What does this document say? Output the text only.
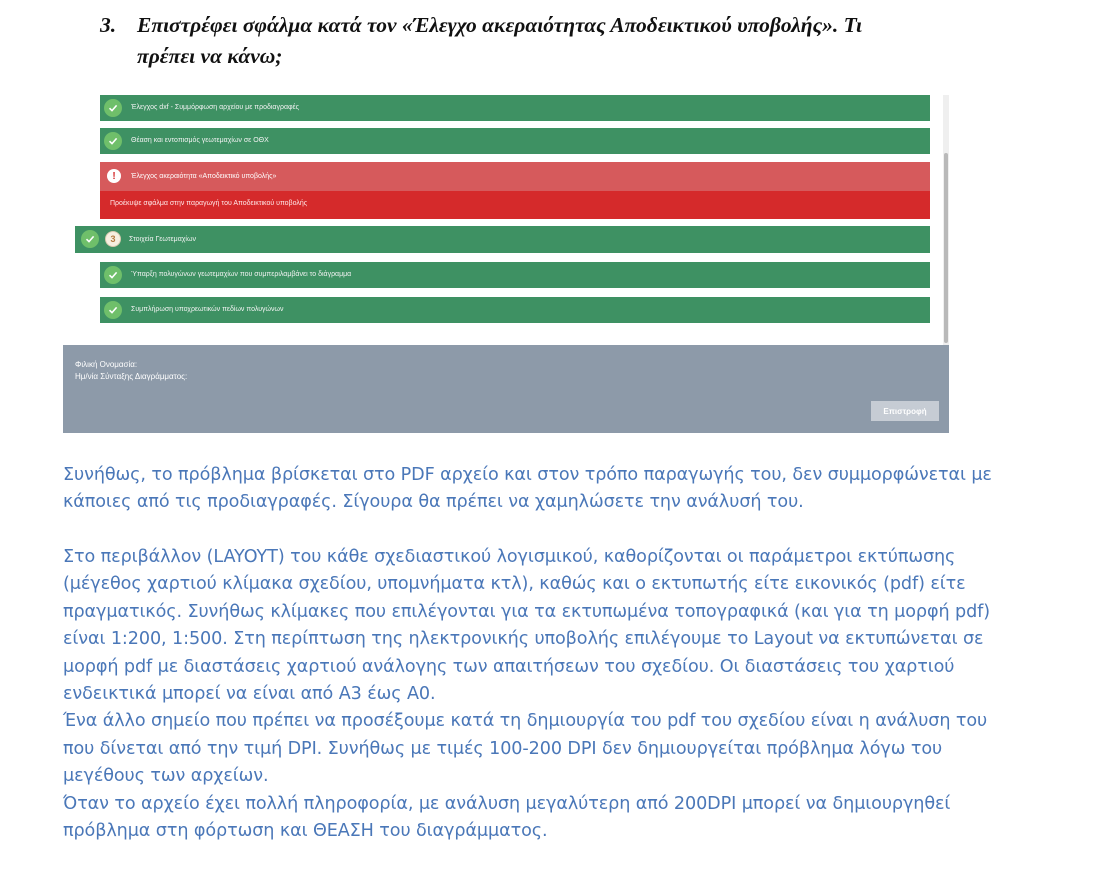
3. Επιστρέφει σφάλμα κατά τον «Έλεγχο ακεραιότητας Αποδεικτικού υποβολής». Τι
πρέπει να κάνω;
Έλεγχος dxf - Συμμόρφωση αρχείου με προδιαγραφές
Θέαση και εντοπισμός γεωτεμαχίων σε ΟΘΧ
!	Έλεγχος ακεραιότητα «Αποδεικτικό υποβολής»
Προέκυψε σφάλμα στην παραγωγή του Αποδεικτικού υποβολής
3	Στοιχεία Γεωτεμαχίων
Ύπαρξη πολυγώνων γεωτεμαχίων που συμπεριλαμβάνει το διάγραμμα
Συμπλήρωση υποχρεωτικών πεδίων πολυγώνων
Φιλική Ονομασία:
Ημ/νία Σύνταξης Διαγράμματος:
Επιστροφή
Συνήθως, το πρόβλημα βρίσκεται στο PDF αρχείο και στον τρόπο παραγωγής του, δεν συμμορφώνεται με
κάποιες από τις προδιαγραφές. Σίγουρα θα πρέπει να χαμηλώσετε την ανάλυσή του.
Στο περιβάλλον (LAYOYT) του κάθε σχεδιαστικού λογισμικού, καθορίζονται οι παράμετροι εκτύπωσης
(μέγεθος χαρτιού κλίμακα σχεδίου, υπομνήματα κτλ), καθώς και ο εκτυπωτής είτε εικονικός (pdf) είτε
πραγματικός. Συνήθως κλίμακες που επιλέγονται για τα εκτυπωμένα τοπογραφικά (και για τη μορφή pdf)
είναι 1:200, 1:500. Στη περίπτωση της ηλεκτρονικής υποβολής επιλέγουμε το Layout να εκτυπώνεται σε
μορφή pdf με διαστάσεις χαρτιού ανάλογης των απαιτήσεων του σχεδίου. Οι διαστάσεις του χαρτιού
ενδεικτικά μπορεί να είναι από Α3 έως Α0.
Ένα άλλο σημείο που πρέπει να προσέξουμε κατά τη δημιουργία του pdf του σχεδίου είναι η ανάλυση του
που δίνεται από την τιμή DPI. Συνήθως με τιμές 100-200 DPI δεν δημιουργείται πρόβλημα λόγω του
μεγέθους των αρχείων.
Όταν το αρχείο έχει πολλή πληροφορία, με ανάλυση μεγαλύτερη από 200DPI μπορεί να δημιουργηθεί
πρόβλημα στη φόρτωση και ΘΕΑΣΗ του διαγράμματος.
